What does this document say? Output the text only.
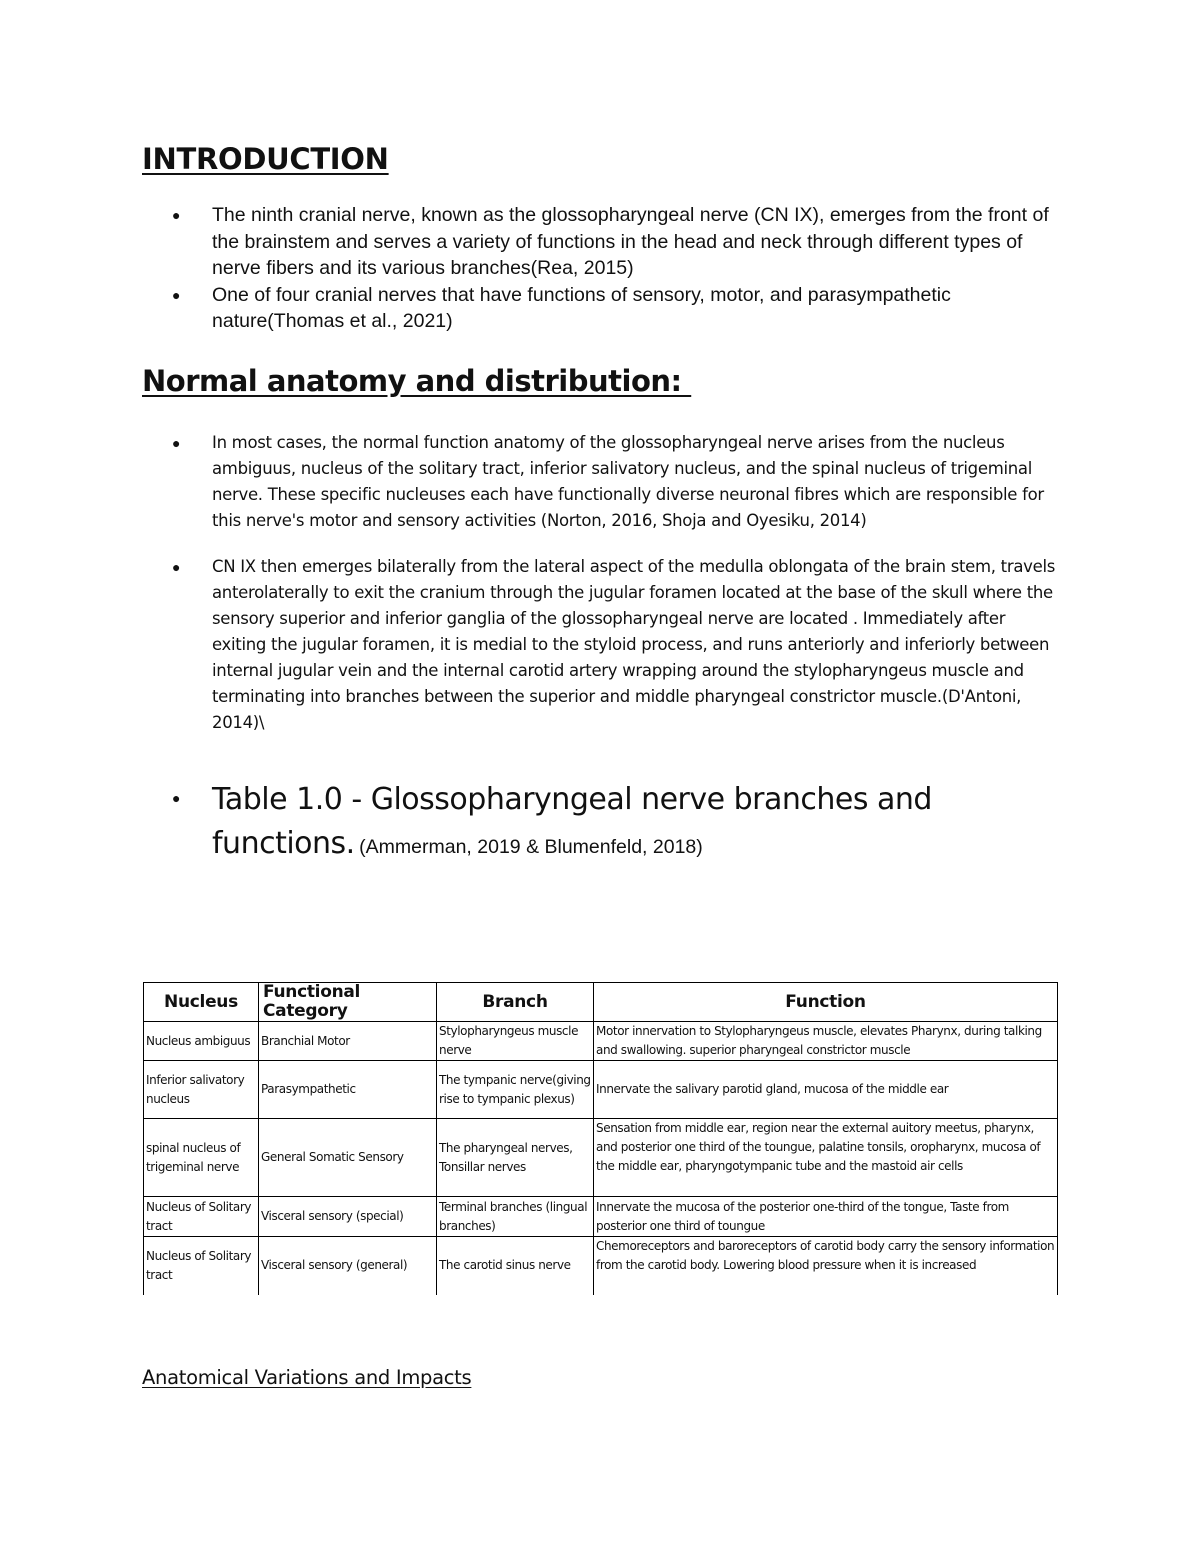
INTRODUCTION
● The ninth cranial nerve, known as the glossopharyngeal nerve (CN IX), emerges from the front of the brainstem and serves a variety of functions in the head and neck through different types of nerve fibers and its various branches(Rea, 2015)
● One of four cranial nerves that have functions of sensory, motor, and parasympathetic nature(Thomas et al., 2021)
Normal anatomy and distribution:
● In most cases, the normal function anatomy of the glossopharyngeal nerve arises from the nucleus ambiguus, nucleus of the solitary tract, inferior salivatory nucleus, and the spinal nucleus of trigeminal nerve. These specific nucleuses each have functionally diverse neuronal fibres which are responsible for this nerve's motor and sensory activities (Norton, 2016, Shoja and Oyesiku, 2014)
● CN IX then emerges bilaterally from the lateral aspect of the medulla oblongata of the brain stem, travels anterolaterally to exit the cranium through the jugular foramen located at the base of the skull where the sensory superior and inferior ganglia of the glossopharyngeal nerve are located . Immediately after exiting the jugular foramen, it is medial to the styloid process, and runs anteriorly and inferiorly between internal jugular vein and the internal carotid artery wrapping around the stylopharyngeus muscle and terminating into branches between the superior and middle pharyngeal constrictor muscle.(D'Antoni, 2014)\
● Table 1.0 - Glossopharyngeal nerve branches and functions. (Ammerman, 2019 & Blumenfeld, 2018)
Nucleus	Functional Category	Branch	Function
Nucleus ambiguus	Branchial Motor	Stylopharyngeus muscle nerve	Motor innervation to Stylopharyngeus muscle, elevates Pharynx, during talking and swallowing. superior pharyngeal constrictor muscle
Inferior salivatory nucleus	Parasympathetic	The tympanic nerve(giving rise to tympanic plexus)	Innervate the salivary parotid gland, mucosa of the middle ear
spinal nucleus of trigeminal nerve	General Somatic Sensory	The pharyngeal nerves, Tonsillar nerves	Sensation from middle ear, region near the external auitory meetus, pharynx, and posterior one third of the toungue, palatine tonsils, oropharynx, mucosa of the middle ear, pharyngotympanic tube and the mastoid air cells
Nucleus of Solitary tract	Visceral sensory (special)	Terminal branches (lingual branches)	Innervate the mucosa of the posterior one-third of the tongue, Taste from posterior one third of toungue
Nucleus of Solitary tract	Visceral sensory (general)	The carotid sinus nerve	Chemoreceptors and baroreceptors of carotid body carry the sensory information from the carotid body. Lowering blood pressure when it is increased
Anatomical Variations and Impacts
